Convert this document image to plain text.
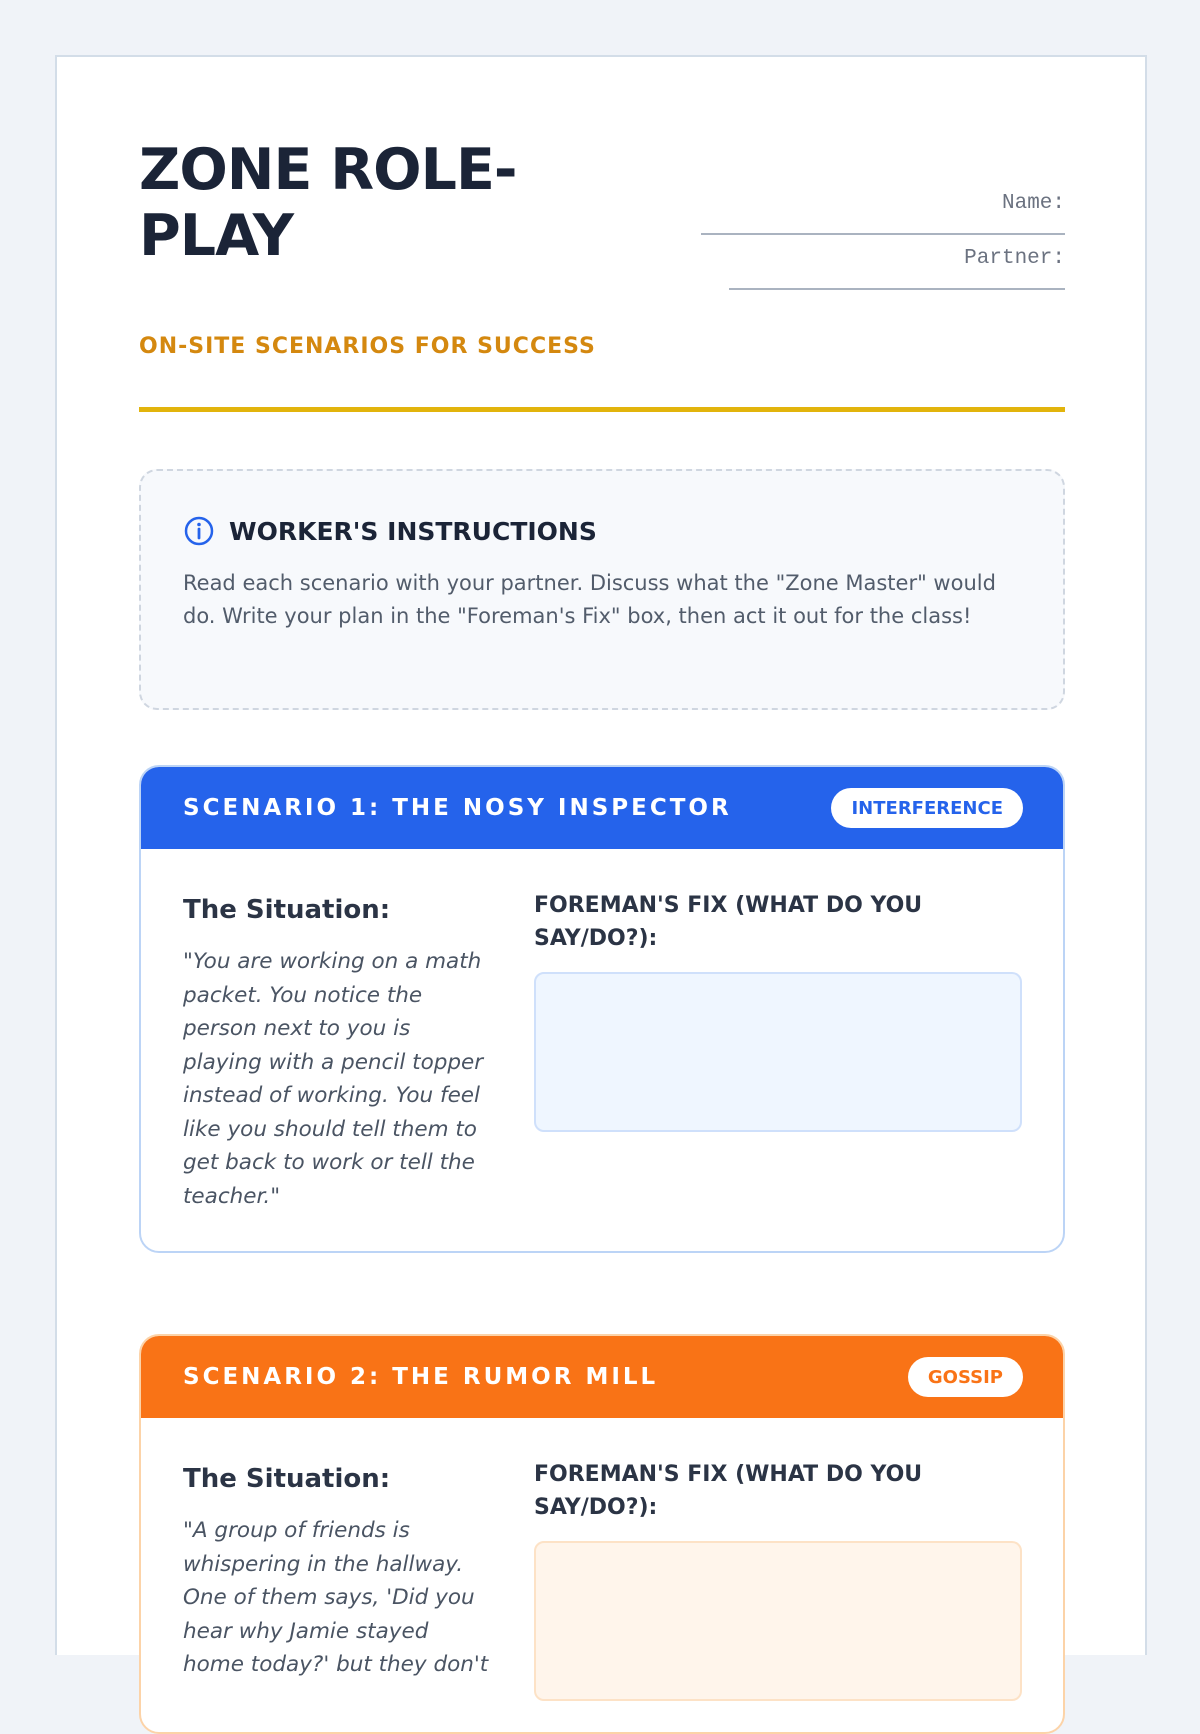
ZONE ROLE-PLAY
ON-SITE SCENARIOS FOR SUCCESS
Name:
Partner:
WORKER'S INSTRUCTIONS
Read each scenario with your partner. Discuss what the "Zone Master" would do. Write your plan in the "Foreman's Fix" box, then act it out for the class!
SCENARIO 1: THE NOSY INSPECTOR	INTERFERENCE
The Situation:
"You are working on a math packet. You notice the person next to you is playing with a pencil topper instead of working. You feel like you should tell them to get back to work or tell the teacher."
FOREMAN'S FIX (WHAT DO YOU SAY/DO?):
SCENARIO 2: THE RUMOR MILL	GOSSIP
The Situation:
"A group of friends is whispering in the hallway. One of them says, 'Did you hear why Jamie stayed home today?' but they don't
FOREMAN'S FIX (WHAT DO YOU SAY/DO?):
